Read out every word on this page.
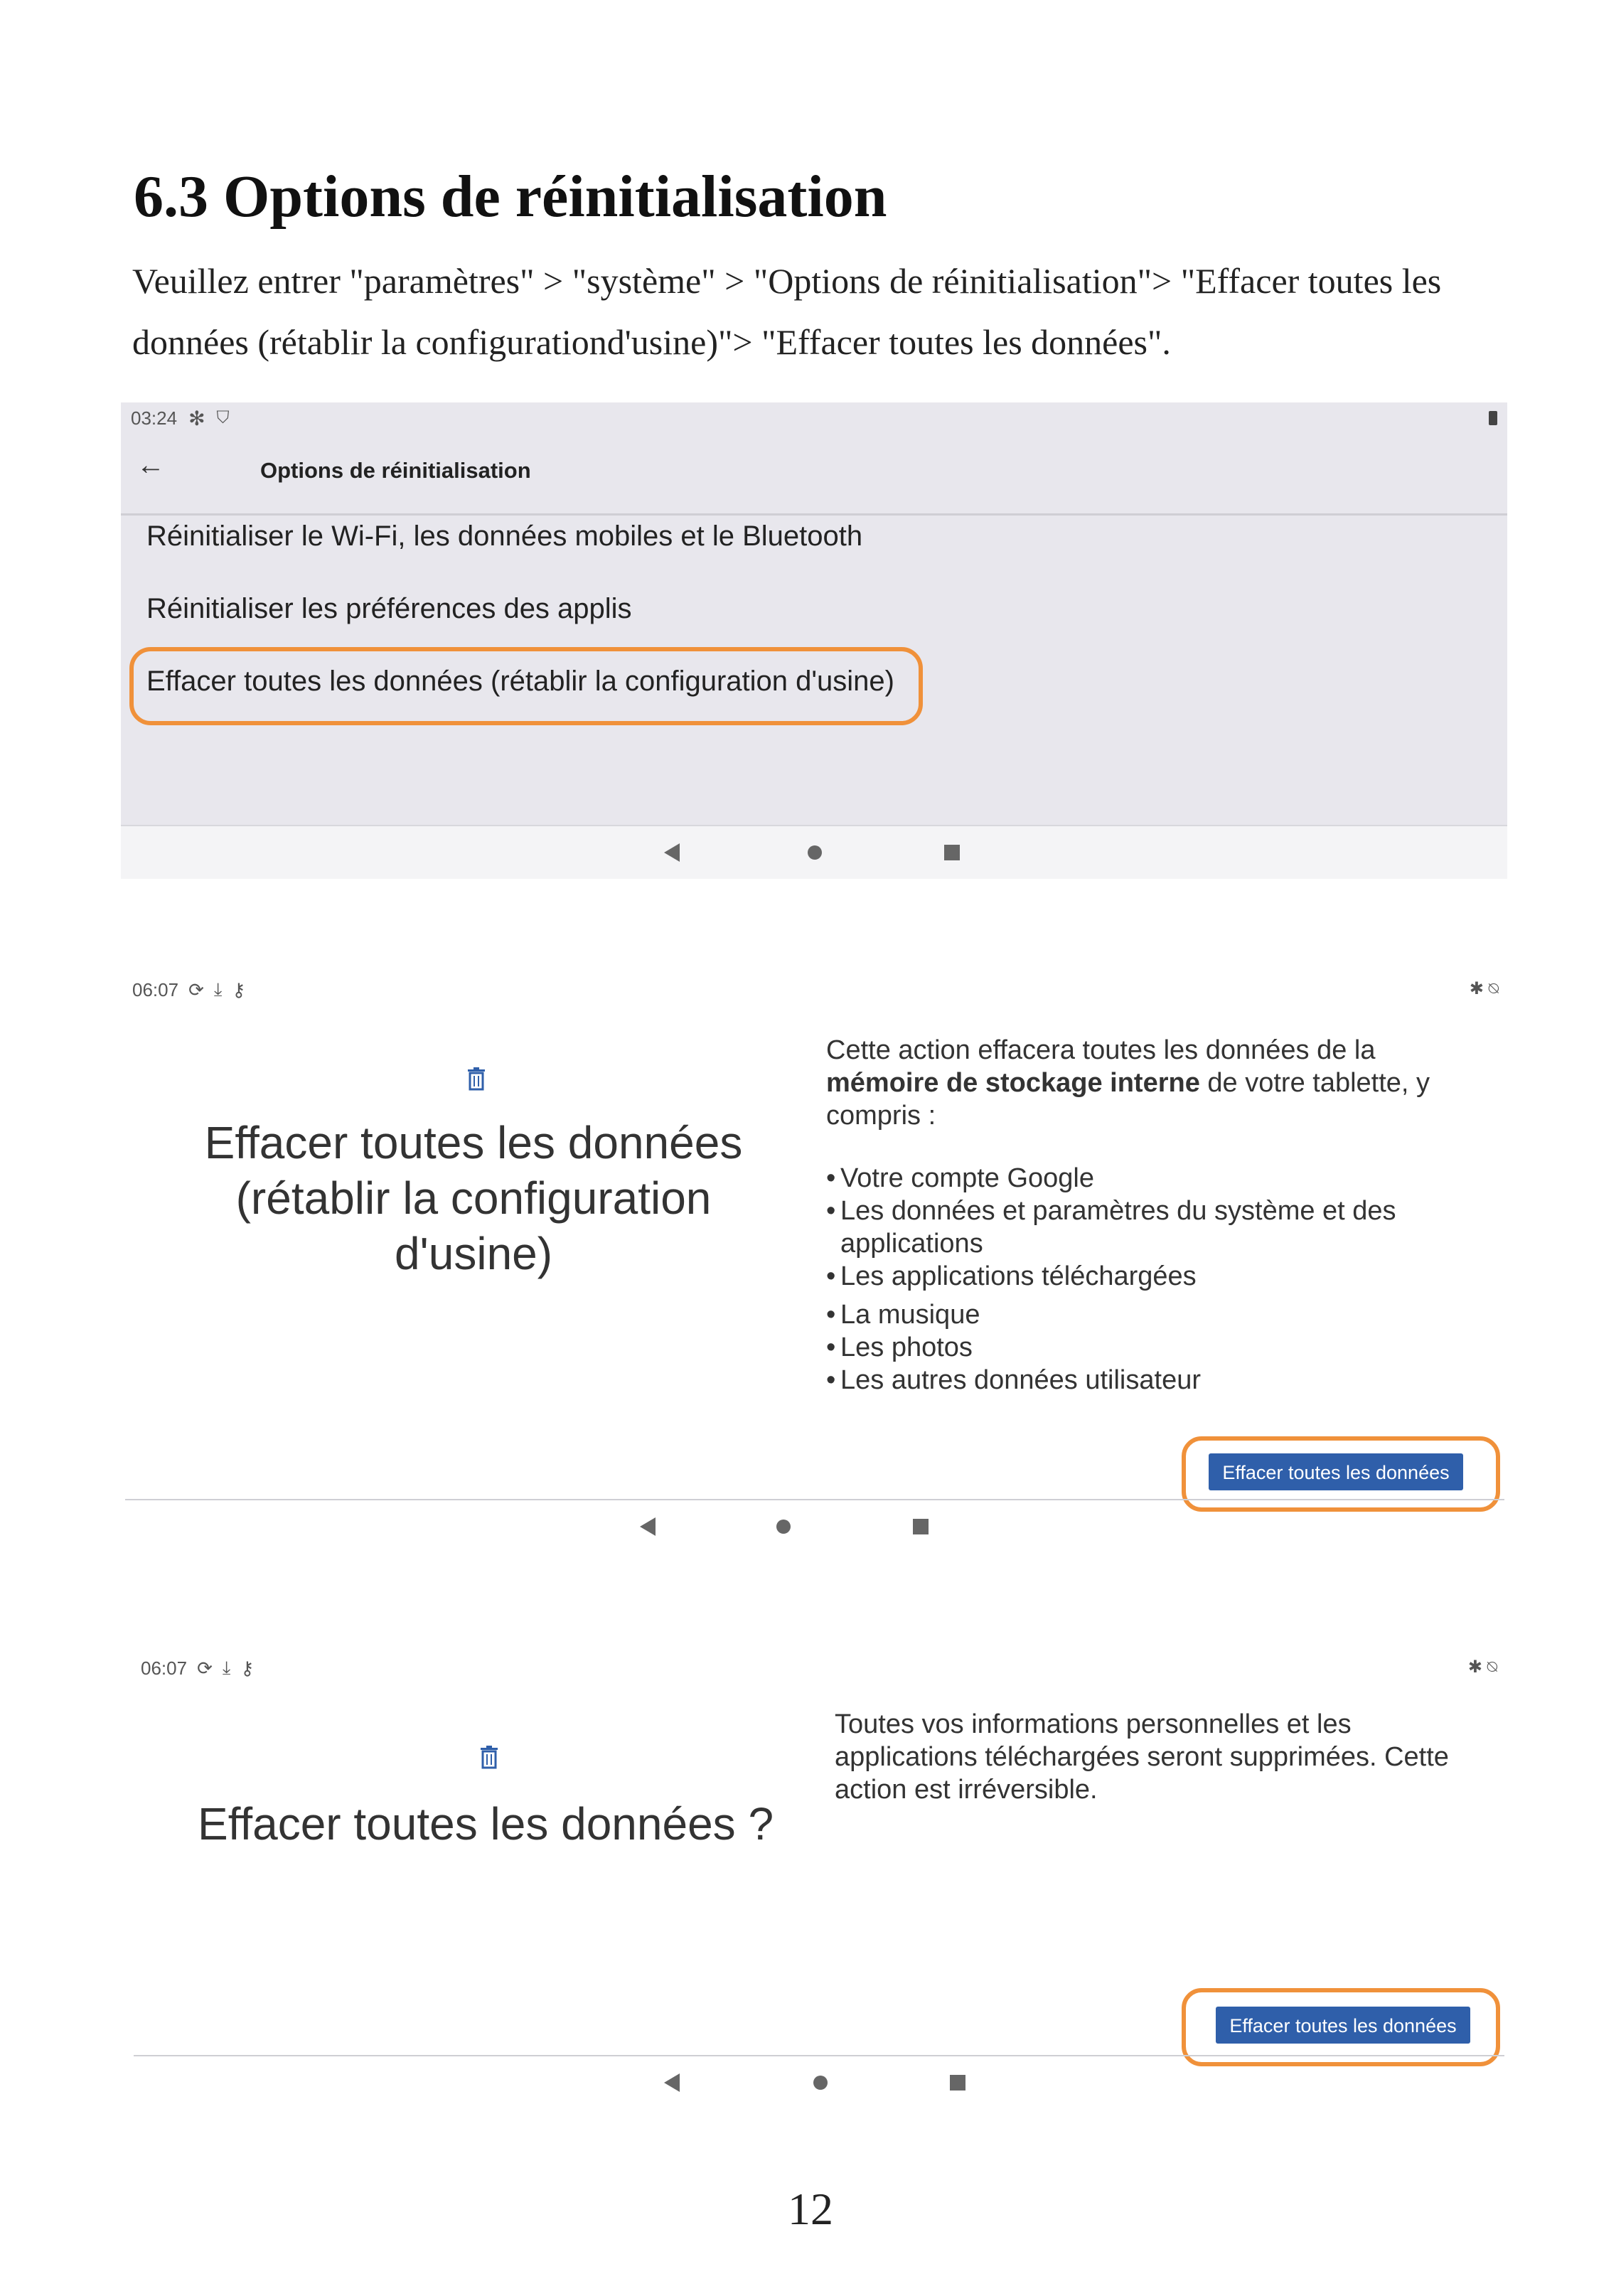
6.3 Options de réinitialisation
Veuillez entrer "paramètres" > "système" > "Options de réinitialisation"> "Effacer toutes les
données (rétablir la configurationd'usine)"> "Effacer toutes les données".
03:24 ✻ ⛉
←	Options de réinitialisation
Réinitialiser le Wi-Fi, les données mobiles et le Bluetooth
Réinitialiser les préférences des applis
Effacer toutes les données (rétablir la configuration d'usine)
06:07 ⟳ ⤓ ⚷	✱ ⍉
Effacer toutes les données (rétablir la configuration d'usine)
Cette action effacera toutes les données de la mémoire de stockage interne de votre tablette, y compris :
• Votre compte Google
• Les données et paramètres du système et des applications
• Les applications téléchargées
• La musique
• Les photos
• Les autres données utilisateur
Effacer toutes les données
06:07 ⟳ ⤓ ⚷	✱ ⍉
Effacer toutes les données ?
Toutes vos informations personnelles et les applications téléchargées seront supprimées. Cette action est irréversible.
Effacer toutes les données
12
